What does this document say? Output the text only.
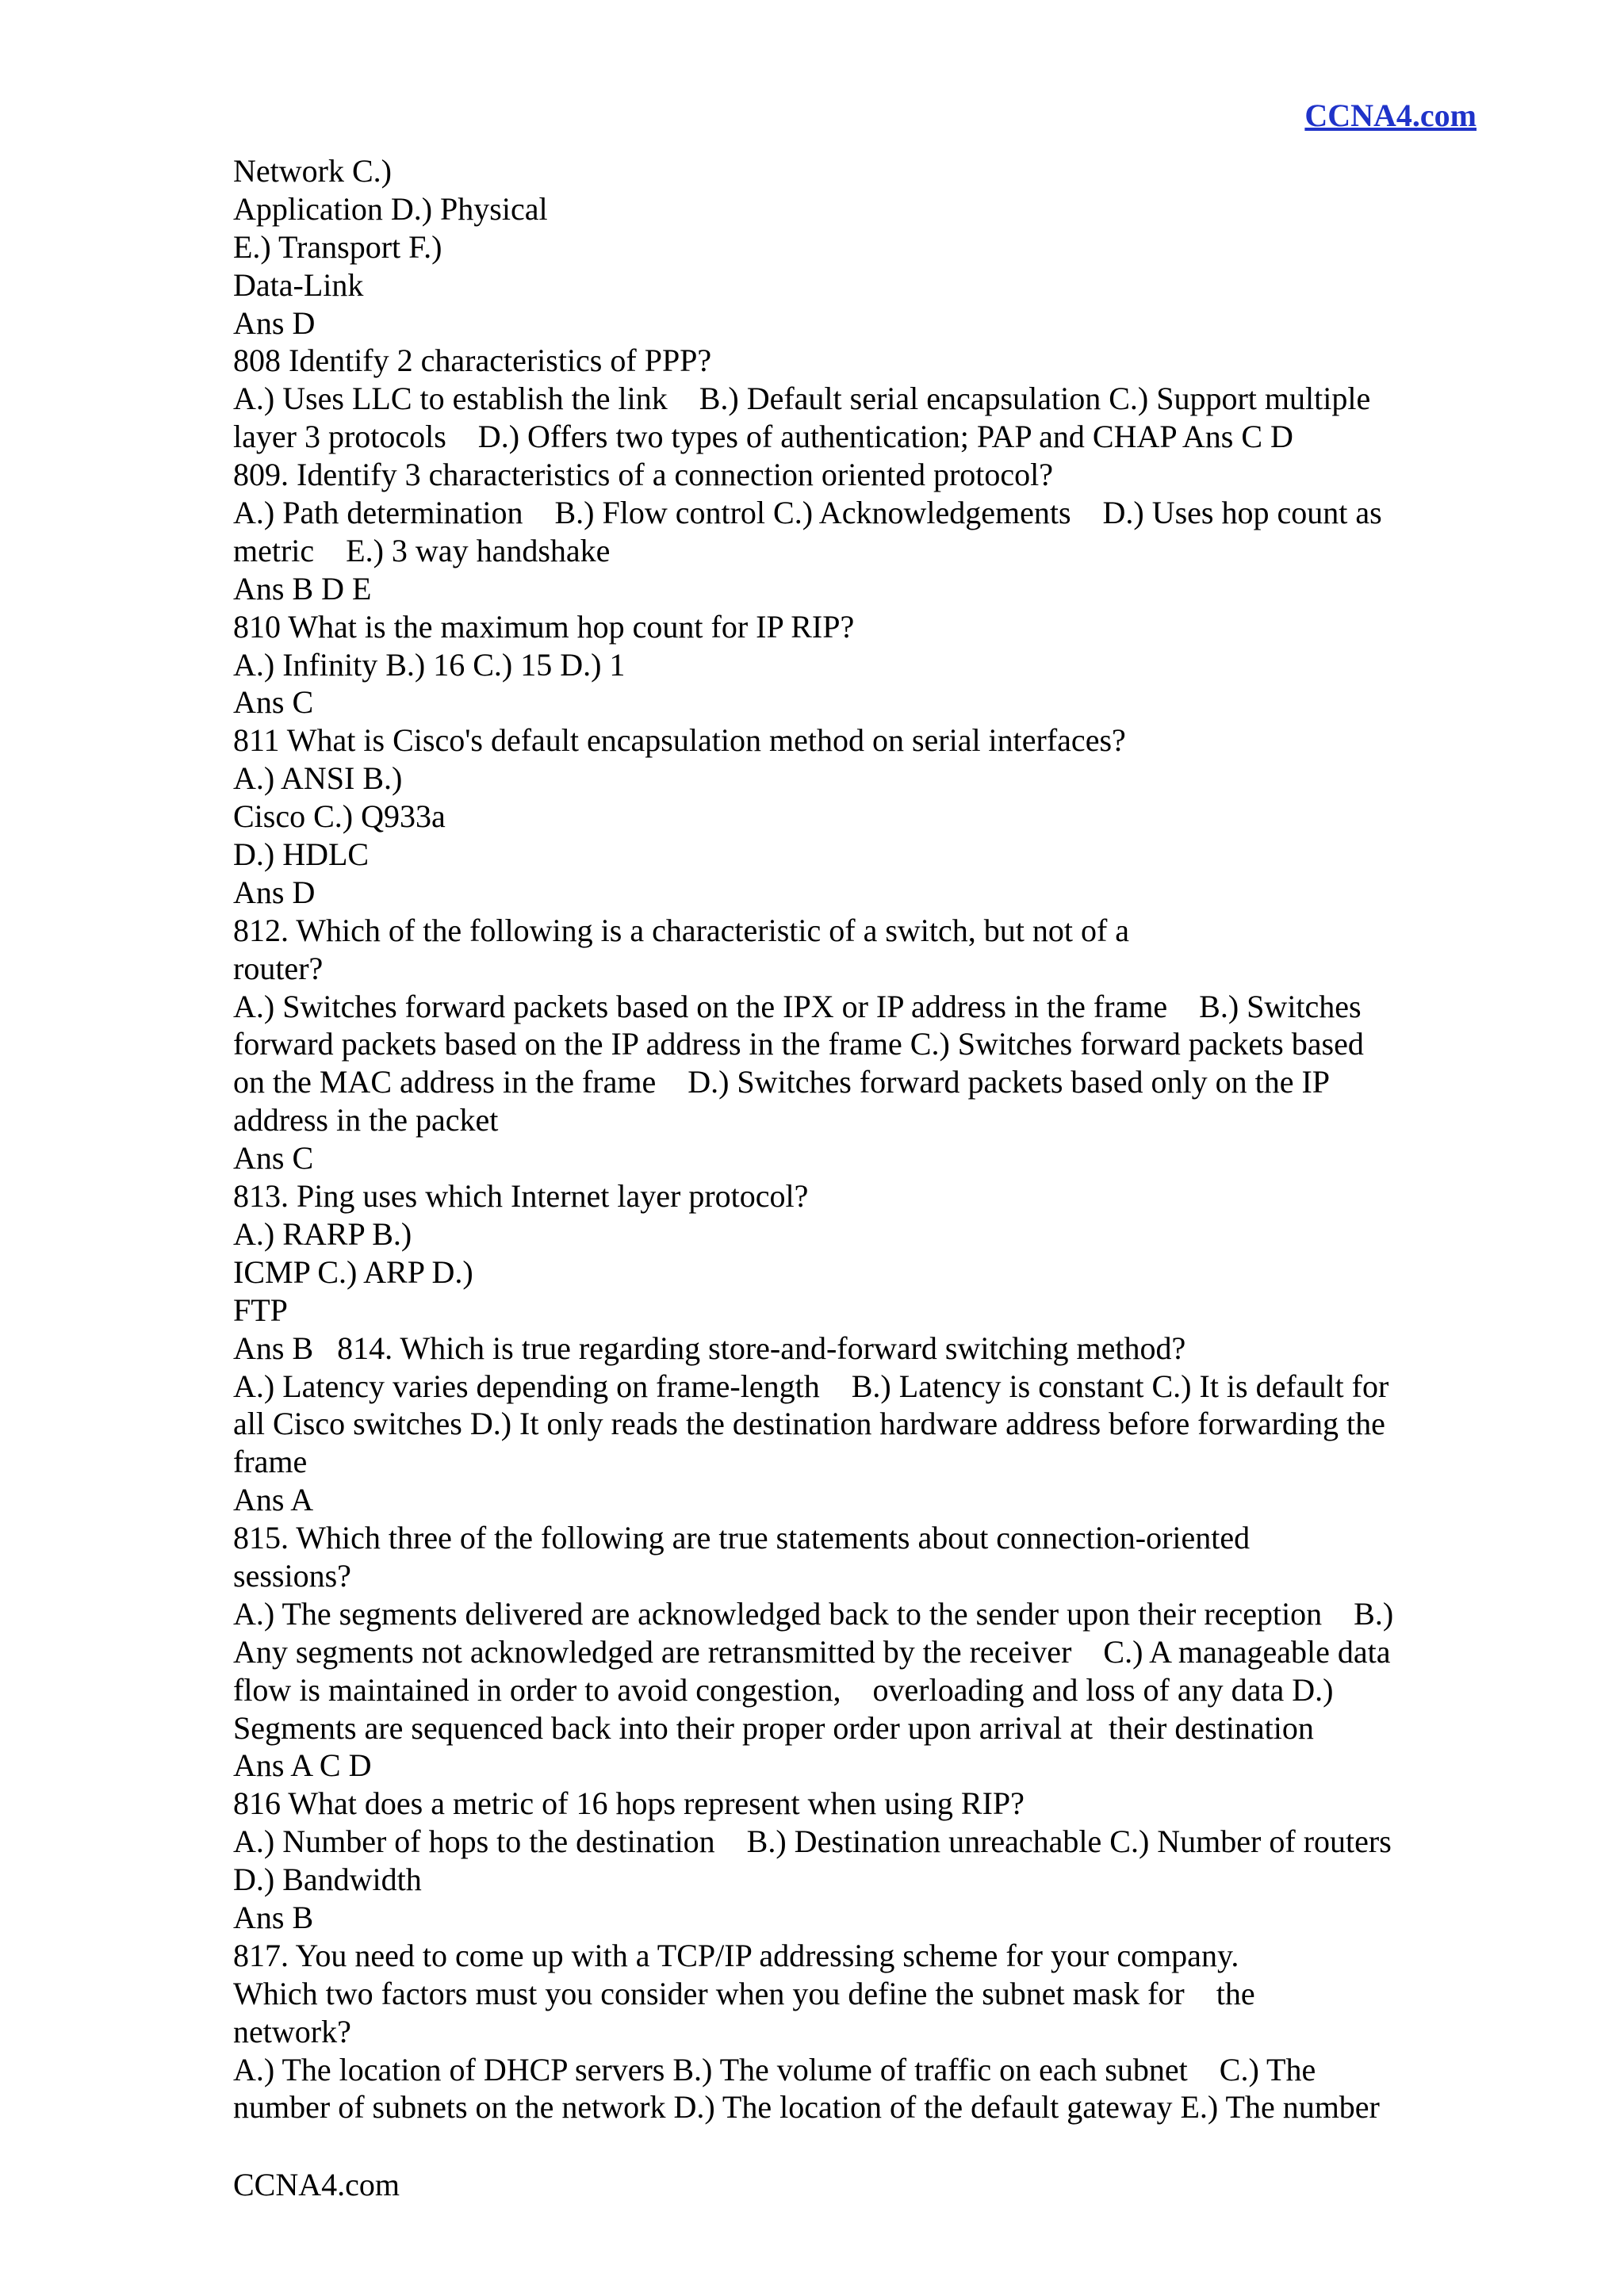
CCNA4.com
Network C.)
Application D.) Physical
E.) Transport F.)
Data-Link
Ans D
808 Identify 2 characteristics of PPP?
A.) Uses LLC to establish the link    B.) Default serial encapsulation C.) Support multiple
layer 3 protocols    D.) Offers two types of authentication; PAP and CHAP Ans C D
809. Identify 3 characteristics of a connection oriented protocol?
A.) Path determination    B.) Flow control C.) Acknowledgements    D.) Uses hop count as
metric    E.) 3 way handshake
Ans B D E
810 What is the maximum hop count for IP RIP?
A.) Infinity B.) 16 C.) 15 D.) 1
Ans C
811 What is Cisco's default encapsulation method on serial interfaces?
A.) ANSI B.)
Cisco C.) Q933a
D.) HDLC
Ans D
812. Which of the following is a characteristic of a switch, but not of a
router?
A.) Switches forward packets based on the IPX or IP address in the frame    B.) Switches
forward packets based on the IP address in the frame C.) Switches forward packets based
on the MAC address in the frame    D.) Switches forward packets based only on the IP
address in the packet
Ans C
813. Ping uses which Internet layer protocol?
A.) RARP B.)
ICMP C.) ARP D.)
FTP
Ans B   814. Which is true regarding store-and-forward switching method?
A.) Latency varies depending on frame-length    B.) Latency is constant C.) It is default for
all Cisco switches D.) It only reads the destination hardware address before forwarding the
frame
Ans A
815. Which three of the following are true statements about connection-oriented
sessions?
A.) The segments delivered are acknowledged back to the sender upon their reception    B.)
Any segments not acknowledged are retransmitted by the receiver    C.) A manageable data
flow is maintained in order to avoid congestion,    overloading and loss of any data D.)
Segments are sequenced back into their proper order upon arrival at  their destination
Ans A C D
816 What does a metric of 16 hops represent when using RIP?
A.) Number of hops to the destination    B.) Destination unreachable C.) Number of routers
D.) Bandwidth
Ans B
817. You need to come up with a TCP/IP addressing scheme for your company.
Which two factors must you consider when you define the subnet mask for    the
network?
A.) The location of DHCP servers B.) The volume of traffic on each subnet    C.) The
number of subnets on the network D.) The location of the default gateway E.) The number
CCNA4.com
